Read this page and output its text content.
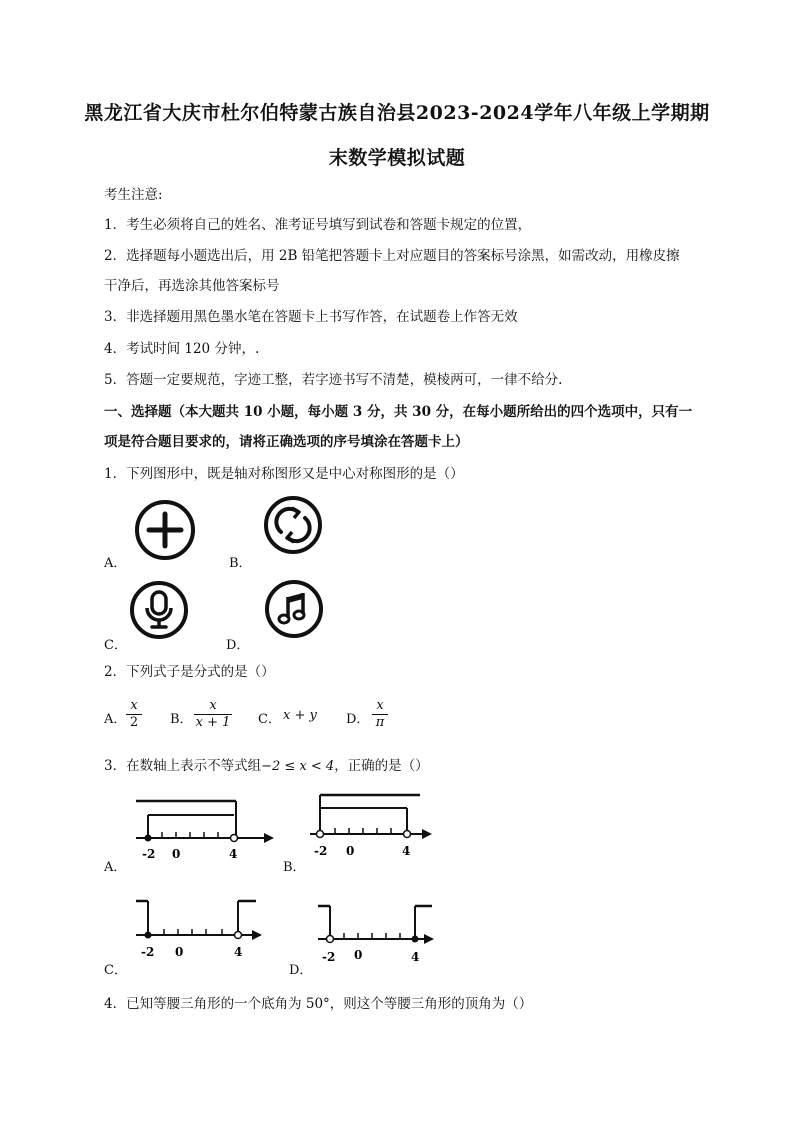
黑龙江省大庆市杜尔伯特蒙古族自治县2023-2024学年八年级上学期期
末数学模拟试题
考生注意:
1．考生必须将自己的姓名、准考证号填写到试卷和答题卡规定的位置，
2．选择题每小题选出后，用 2B 铅笔把答题卡上对应题目的答案标号涂黑，如需改动，用橡皮擦
干净后，再选涂其他答案标号
3．非选择题用黑色墨水笔在答题卡上书写作答，在试题卷上作答无效
4．考试时间 120 分钟，.
5．答题一定要规范，字迹工整，若字迹书写不清楚，模棱两可，一律不给分.
一、选择题（本大题共 10 小题，每小题 3 分，共 30 分，在每小题所给出的四个选项中，只有一
项是符合题目要求的，请将正确选项的序号填涂在答题卡上）
1．下列图形中，既是轴对称图形又是中心对称图形的是（）
A．	B．
C．	D．
2．下列式子是分式的是（）
A． $\frac{x}{2}$ B． $\frac{x}{x + 1}$ C． x + y D． $\frac{x}{\pi}$
3．在数轴上表示不等式组−2 ≤ x < 4，正确的是（）
A．
-2 0	4
B．
-2 0	4
C．
-2 0	4
D．
-2 0	4
4．已知等腰三角形的一个底角为 50°，则这个等腰三角形的顶角为（）
